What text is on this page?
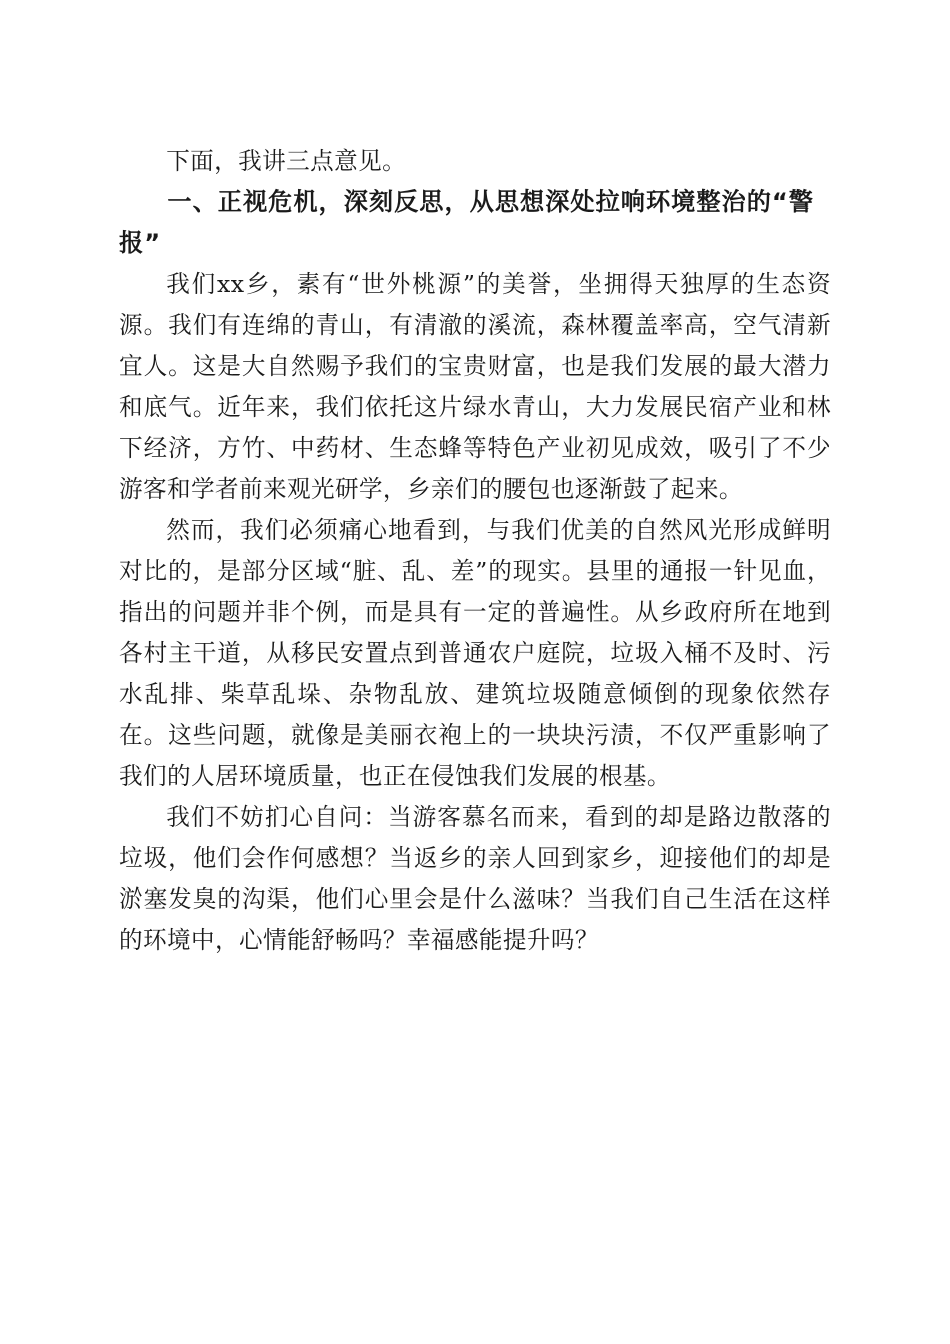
下面，我讲三点意见。

一、正视危机，深刻反思，从思想深处拉响环境整治的“警报”

我们xx乡，素有“世外桃源”的美誉，坐拥得天独厚的生态资源。我们有连绵的青山，有清澈的溪流，森林覆盖率高，空气清新宜人。这是大自然赐予我们的宝贵财富，也是我们发展的最大潜力和底气。近年来，我们依托这片绿水青山，大力发展民宿产业和林下经济，方竹、中药材、生态蜂等特色产业初见成效，吸引了不少游客和学者前来观光研学，乡亲们的腰包也逐渐鼓了起来。

然而，我们必须痛心地看到，与我们优美的自然风光形成鲜明对比的，是部分区域“脏、乱、差”的现实。县里的通报一针见血，指出的问题并非个例，而是具有一定的普遍性。从乡政府所在地到各村主干道，从移民安置点到普通农户庭院，垃圾入桶不及时、污水乱排、柴草乱垛、杂物乱放、建筑垃圾随意倾倒的现象依然存在。这些问题，就像是美丽衣袍上的一块块污渍，不仅严重影响了我们的人居环境质量，也正在侵蚀我们发展的根基。

我们不妨扪心自问：当游客慕名而来，看到的却是路边散落的垃圾，他们会作何感想？当返乡的亲人回到家乡，迎接他们的却是淤塞发臭的沟渠，他们心里会是什么滋味？当我们自己生活在这样的环境中，心情能舒畅吗？幸福感能提升吗？
